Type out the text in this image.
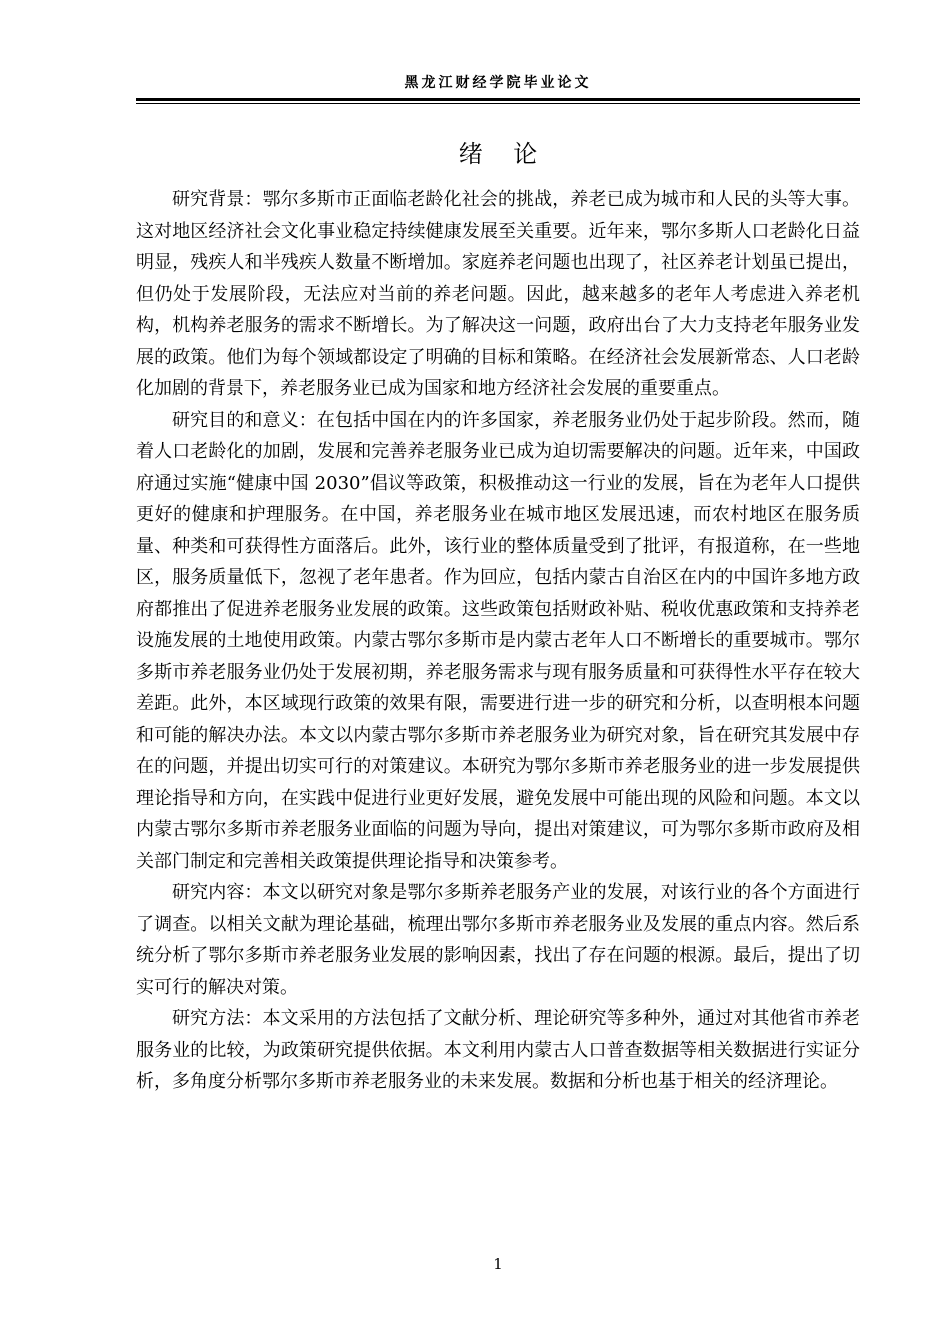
黑龙江财经学院毕业论文
绪    论

研究背景：鄂尔多斯市正面临老龄化社会的挑战，养老已成为城市和人民的头等大事。这对地区经济社会文化事业稳定持续健康发展至关重要。近年来，鄂尔多斯人口老龄化日益明显，残疾人和半残疾人数量不断增加。家庭养老问题也出现了，社区养老计划虽已提出，但仍处于发展阶段，无法应对当前的养老问题。因此，越来越多的老年人考虑进入养老机构，机构养老服务的需求不断增长。为了解决这一问题，政府出台了大力支持老年服务业发展的政策。他们为每个领域都设定了明确的目标和策略。在经济社会发展新常态、人口老龄化加剧的背景下，养老服务业已成为国家和地方经济社会发展的重要重点。

研究目的和意义：在包括中国在内的许多国家，养老服务业仍处于起步阶段。然而，随着人口老龄化的加剧，发展和完善养老服务业已成为迫切需要解决的问题。近年来，中国政府通过实施“健康中国 2030”倡议等政策，积极推动这一行业的发展，旨在为老年人口提供更好的健康和护理服务。在中国，养老服务业在城市地区发展迅速，而农村地区在服务质量、种类和可获得性方面落后。此外，该行业的整体质量受到了批评，有报道称，在一些地区，服务质量低下，忽视了老年患者。作为回应，包括内蒙古自治区在内的中国许多地方政府都推出了促进养老服务业发展的政策。这些政策包括财政补贴、税收优惠政策和支持养老设施发展的土地使用政策。内蒙古鄂尔多斯市是内蒙古老年人口不断增长的重要城市。鄂尔多斯市养老服务业仍处于发展初期，养老服务需求与现有服务质量和可获得性水平存在较大差距。此外，本区域现行政策的效果有限，需要进行进一步的研究和分析，以查明根本问题和可能的解决办法。本文以内蒙古鄂尔多斯市养老服务业为研究对象，旨在研究其发展中存在的问题，并提出切实可行的对策建议。本研究为鄂尔多斯市养老服务业的进一步发展提供理论指导和方向，在实践中促进行业更好发展，避免发展中可能出现的风险和问题。本文以内蒙古鄂尔多斯市养老服务业面临的问题为导向，提出对策建议，可为鄂尔多斯市政府及相关部门制定和完善相关政策提供理论指导和决策参考。

研究内容：本文以研究对象是鄂尔多斯养老服务产业的发展，对该行业的各个方面进行了调查。以相关文献为理论基础，梳理出鄂尔多斯市养老服务业及发展的重点内容。然后系统分析了鄂尔多斯市养老服务业发展的影响因素，找出了存在问题的根源。最后，提出了切实可行的解决对策。

研究方法：本文采用的方法包括了文献分析、理论研究等多种外，通过对其他省市养老服务业的比较，为政策研究提供依据。本文利用内蒙古人口普查数据等相关数据进行实证分析，多角度分析鄂尔多斯市养老服务业的未来发展。数据和分析也基于相关的经济理论。

1
